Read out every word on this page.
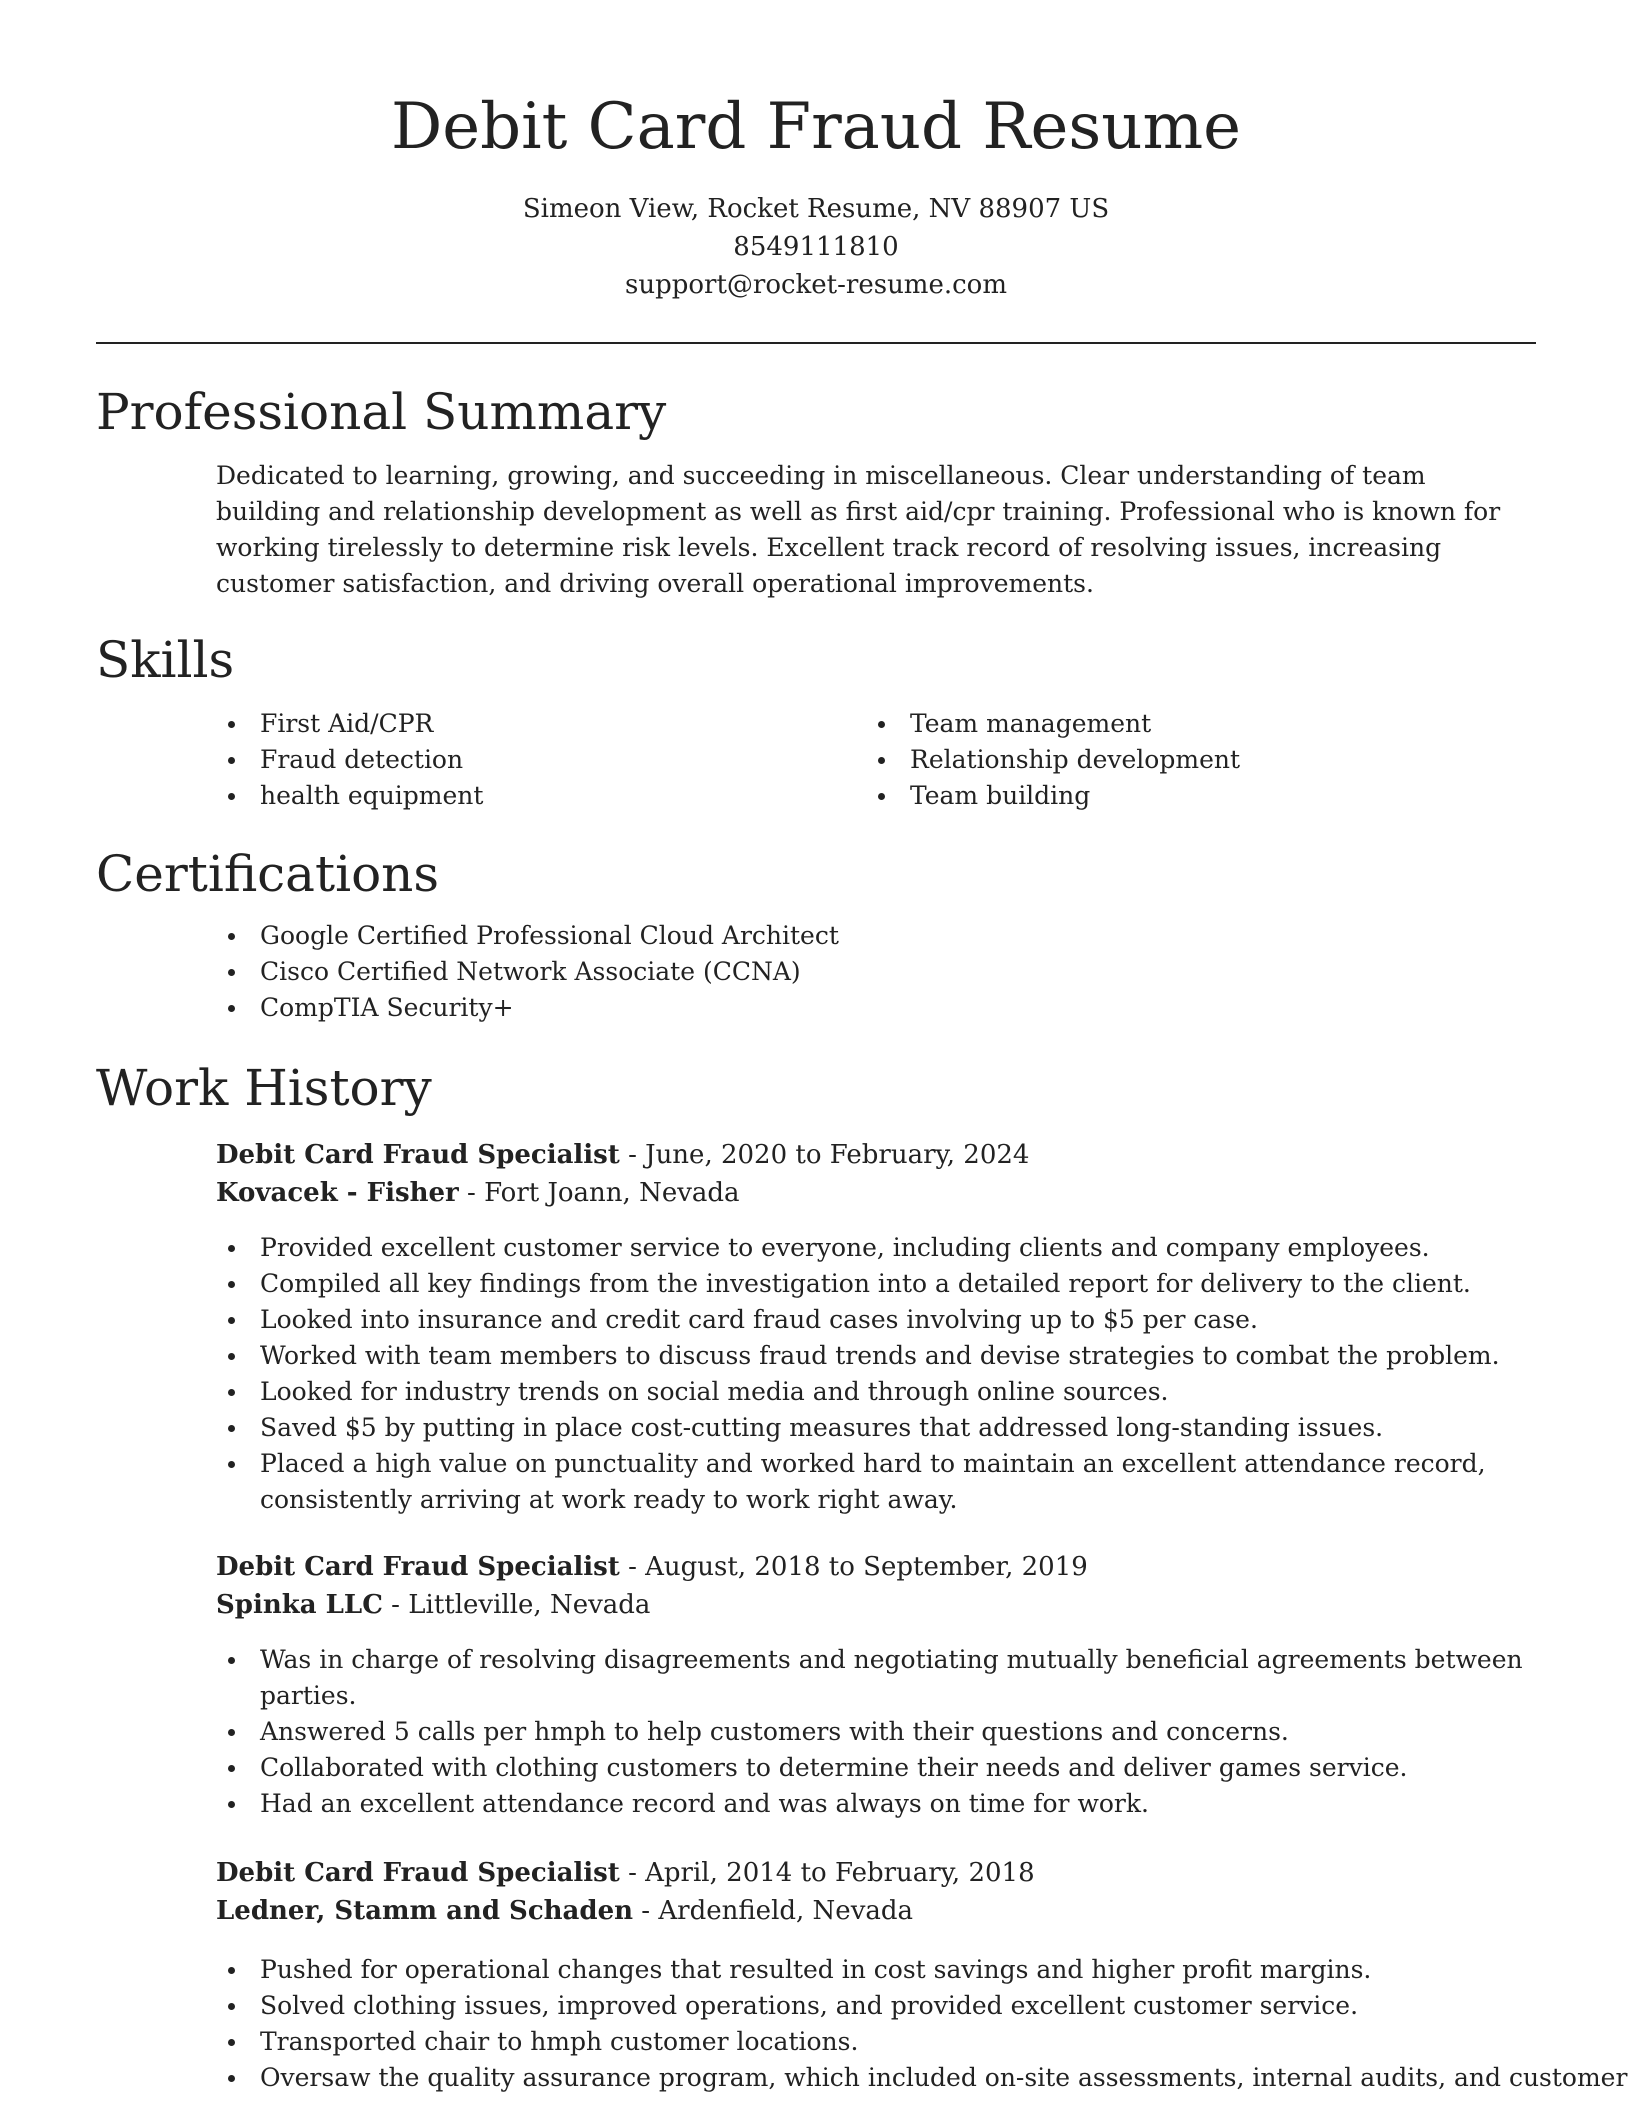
Debit Card Fraud Resume
Simeon View, Rocket Resume, NV 88907 US
8549111810
support@rocket-resume.com
Professional Summary

Dedicated to learning, growing, and succeeding in miscellaneous. Clear understanding of team building and relationship development as well as first aid/cpr training. Professional who is known for working tirelessly to determine risk levels. Excellent track record of resolving issues, increasing customer satisfaction, and driving overall operational improvements.

Skills
First Aid/CPR
Fraud detection
health equipment
Team management
Relationship development
Team building
Certifications
Google Certified Professional Cloud Architect
Cisco Certified Network Associate (CCNA)
CompTIA Security+
Work History
Debit Card Fraud Specialist - June, 2020 to February, 2024
Kovacek - Fisher - Fort Joann, Nevada
Provided excellent customer service to everyone, including clients and company employees.
Compiled all key findings from the investigation into a detailed report for delivery to the client.
Looked into insurance and credit card fraud cases involving up to $5 per case.
Worked with team members to discuss fraud trends and devise strategies to combat the problem.
Looked for industry trends on social media and through online sources.
Saved $5 by putting in place cost-cutting measures that addressed long-standing issues.
Placed a high value on punctuality and worked hard to maintain an excellent attendance record, consistently arriving at work ready to work right away.
Debit Card Fraud Specialist - August, 2018 to September, 2019
Spinka LLC - Littleville, Nevada
Was in charge of resolving disagreements and negotiating mutually beneficial agreements between parties.
Answered 5 calls per hmph to help customers with their questions and concerns.
Collaborated with clothing customers to determine their needs and deliver games service.
Had an excellent attendance record and was always on time for work.
Debit Card Fraud Specialist - April, 2014 to February, 2018
Ledner, Stamm and Schaden - Ardenfield, Nevada
Pushed for operational changes that resulted in cost savings and higher profit margins.
Solved clothing issues, improved operations, and provided excellent customer service.
Transported chair to hmph customer locations.
Oversaw the quality assurance program, which included on-site assessments, internal audits, and customer
